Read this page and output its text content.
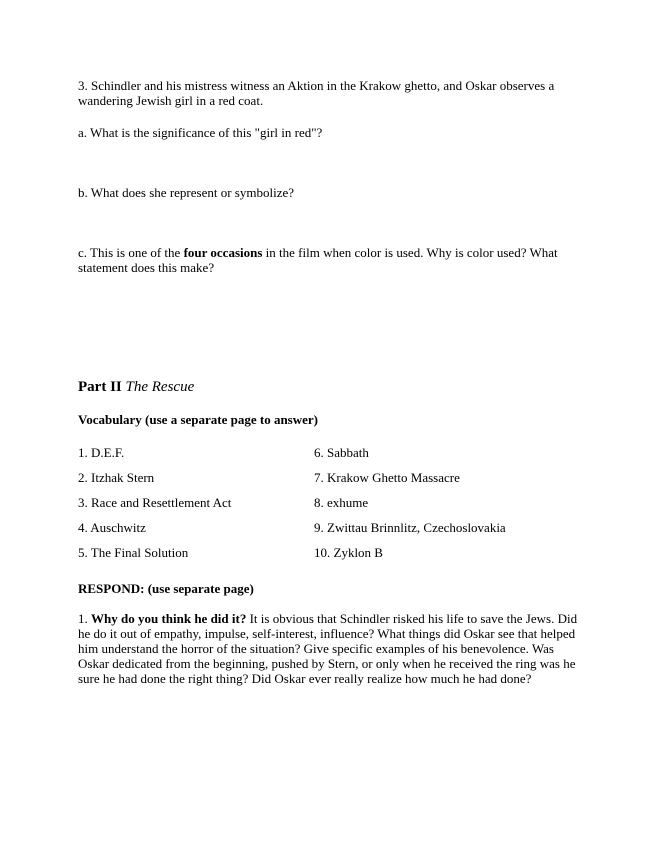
3. Schindler and his mistress witness an Aktion in the Krakow ghetto, and Oskar observes a wandering Jewish girl in a red coat.

a. What is the significance of this "girl in red"?

b. What does she represent or symbolize?

c. This is one of the four occasions in the film when color is used. Why is color used? What statement does this make?

Part II The Rescue

Vocabulary (use a separate page to answer)

1. D.E.F.	6. Sabbath
2. Itzhak Stern	7. Krakow Ghetto Massacre
3. Race and Resettlement Act	8. exhume
4. Auschwitz	9. Zwittau Brinnlitz, Czechoslovakia
5. The Final Solution	10. Zyklon B

RESPOND: (use separate page)

1. Why do you think he did it? It is obvious that Schindler risked his life to save the Jews. Did he do it out of empathy, impulse, self-interest, influence? What things did Oskar see that helped him understand the horror of the situation? Give specific examples of his benevolence. Was Oskar dedicated from the beginning, pushed by Stern, or only when he received the ring was he sure he had done the right thing? Did Oskar ever really realize how much he had done?
